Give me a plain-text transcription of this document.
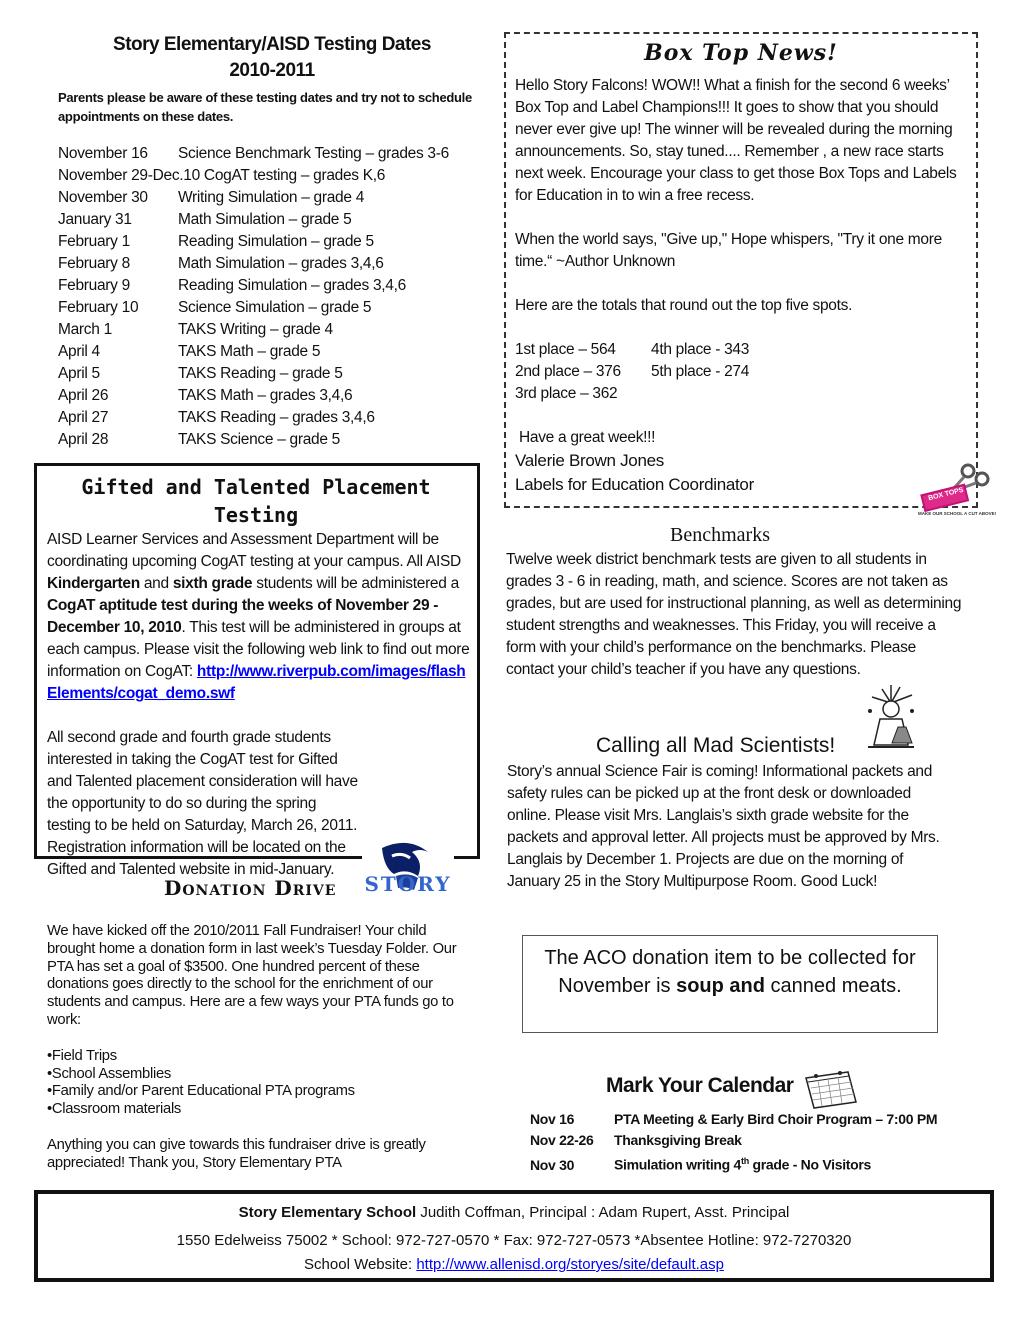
Story Elementary/AISD Testing Dates
2010-2011
Parents please be aware of these testing dates and try not to schedule appointments on these dates.
November 16	Science Benchmark Testing – grades 3-6
November 29-Dec.10 CogAT testing – grades K,6	
November 30	Writing Simulation – grade 4
January 31	Math Simulation – grade 5
February 1	Reading Simulation – grade 5
February 8	Math Simulation – grades 3,4,6
February 9	Reading Simulation – grades 3,4,6
February 10	Science Simulation – grade 5
March 1	TAKS Writing – grade 4
April 4	TAKS Math – grade 5
April 5	TAKS Reading – grade 5
April 26	TAKS Math – grades 3,4,6
April 27	TAKS Reading – grades 3,4,6
April 28	TAKS Science – grade 5
Gifted and Talented Placement Testing
AISD Learner Services and Assessment Department will be coordinating upcoming CogAT testing at your campus. All AISD Kindergarten and sixth grade students will be administered a CogAT aptitude test during the weeks of November 29 - December 10, 2010. This test will be administered in groups at each campus. Please visit the following web link to find out more information on CogAT: http://www.riverpub.com/images/flashElements/cogat_demo.swf
All second grade and fourth grade students interested in taking the CogAT test for Gifted and Talented placement consideration will have the opportunity to do so during the spring testing to be held on Saturday, March 26, 2011. Registration information will be located on the Gifted and Talented website in mid-January.
Box Top News!
Hello Story Falcons! WOW!! What a finish for the second 6 weeks’ Box Top and Label Champions!!! It goes to show that you should never ever give up! The winner will be revealed during the morning announcements. So, stay tuned.... Remember , a new race starts next week. Encourage your class to get those Box Tops and Labels for Education in to win a free recess.
When the world says, "Give up," Hope whispers, "Try it one more time.“ ~Author Unknown
Here are the totals that round out the top five spots.
1st place – 564 4th place - 343
2nd place – 376 5th place - 274
3rd place – 362
Have a great week!!!
Valerie Brown Jones
Labels for Education Coordinator
BOX TOPS
MAKE OUR SCHOOL A CUT ABOVE!
Benchmarks
Twelve week district benchmark tests are given to all students in grades 3 - 6 in reading, math, and science. Scores are not taken as grades, but are used for instructional planning, as well as determining student strengths and weaknesses. This Friday, you will receive a form with your child’s performance on the benchmarks. Please contact your child’s teacher if you have any questions.
Calling all Mad Scientists!
Story’s annual Science Fair is coming! Informational packets and safety rules can be picked up at the front desk or downloaded online. Please visit Mrs. Langlais’s sixth grade website for the packets and approval letter. All projects must be approved by Mrs. Langlais by December 1. Projects are due on the morning of January 25 in the Story Multipurpose Room. Good Luck!
Donation Drive STORY
We have kicked off the 2010/2011 Fall Fundraiser! Your child brought home a donation form in last week’s Tuesday Folder. Our PTA has set a goal of $3500. One hundred percent of these donations goes directly to the school for the enrichment of our students and campus. Here are a few ways your PTA funds go to work:
•Field Trips
•School Assemblies
•Family and/or Parent Educational PTA programs
•Classroom materials
Anything you can give towards this fundraiser drive is greatly appreciated! Thank you, Story Elementary PTA
The ACO donation item to be collected for November is soup and canned meats.
Mark Your Calendar
Nov 16	PTA Meeting & Early Bird Choir Program – 7:00 PM
Nov 22-26 Thanksgiving Break
Nov 30	Simulation writing 4th grade - No Visitors
Story Elementary School Judith Coffman, Principal : Adam Rupert, Asst. Principal
1550 Edelweiss 75002 * School: 972-727-0570 * Fax: 972-727-0573 *Absentee Hotline: 972-7270320
School Website: http://www.allenisd.org/storyes/site/default.asp
